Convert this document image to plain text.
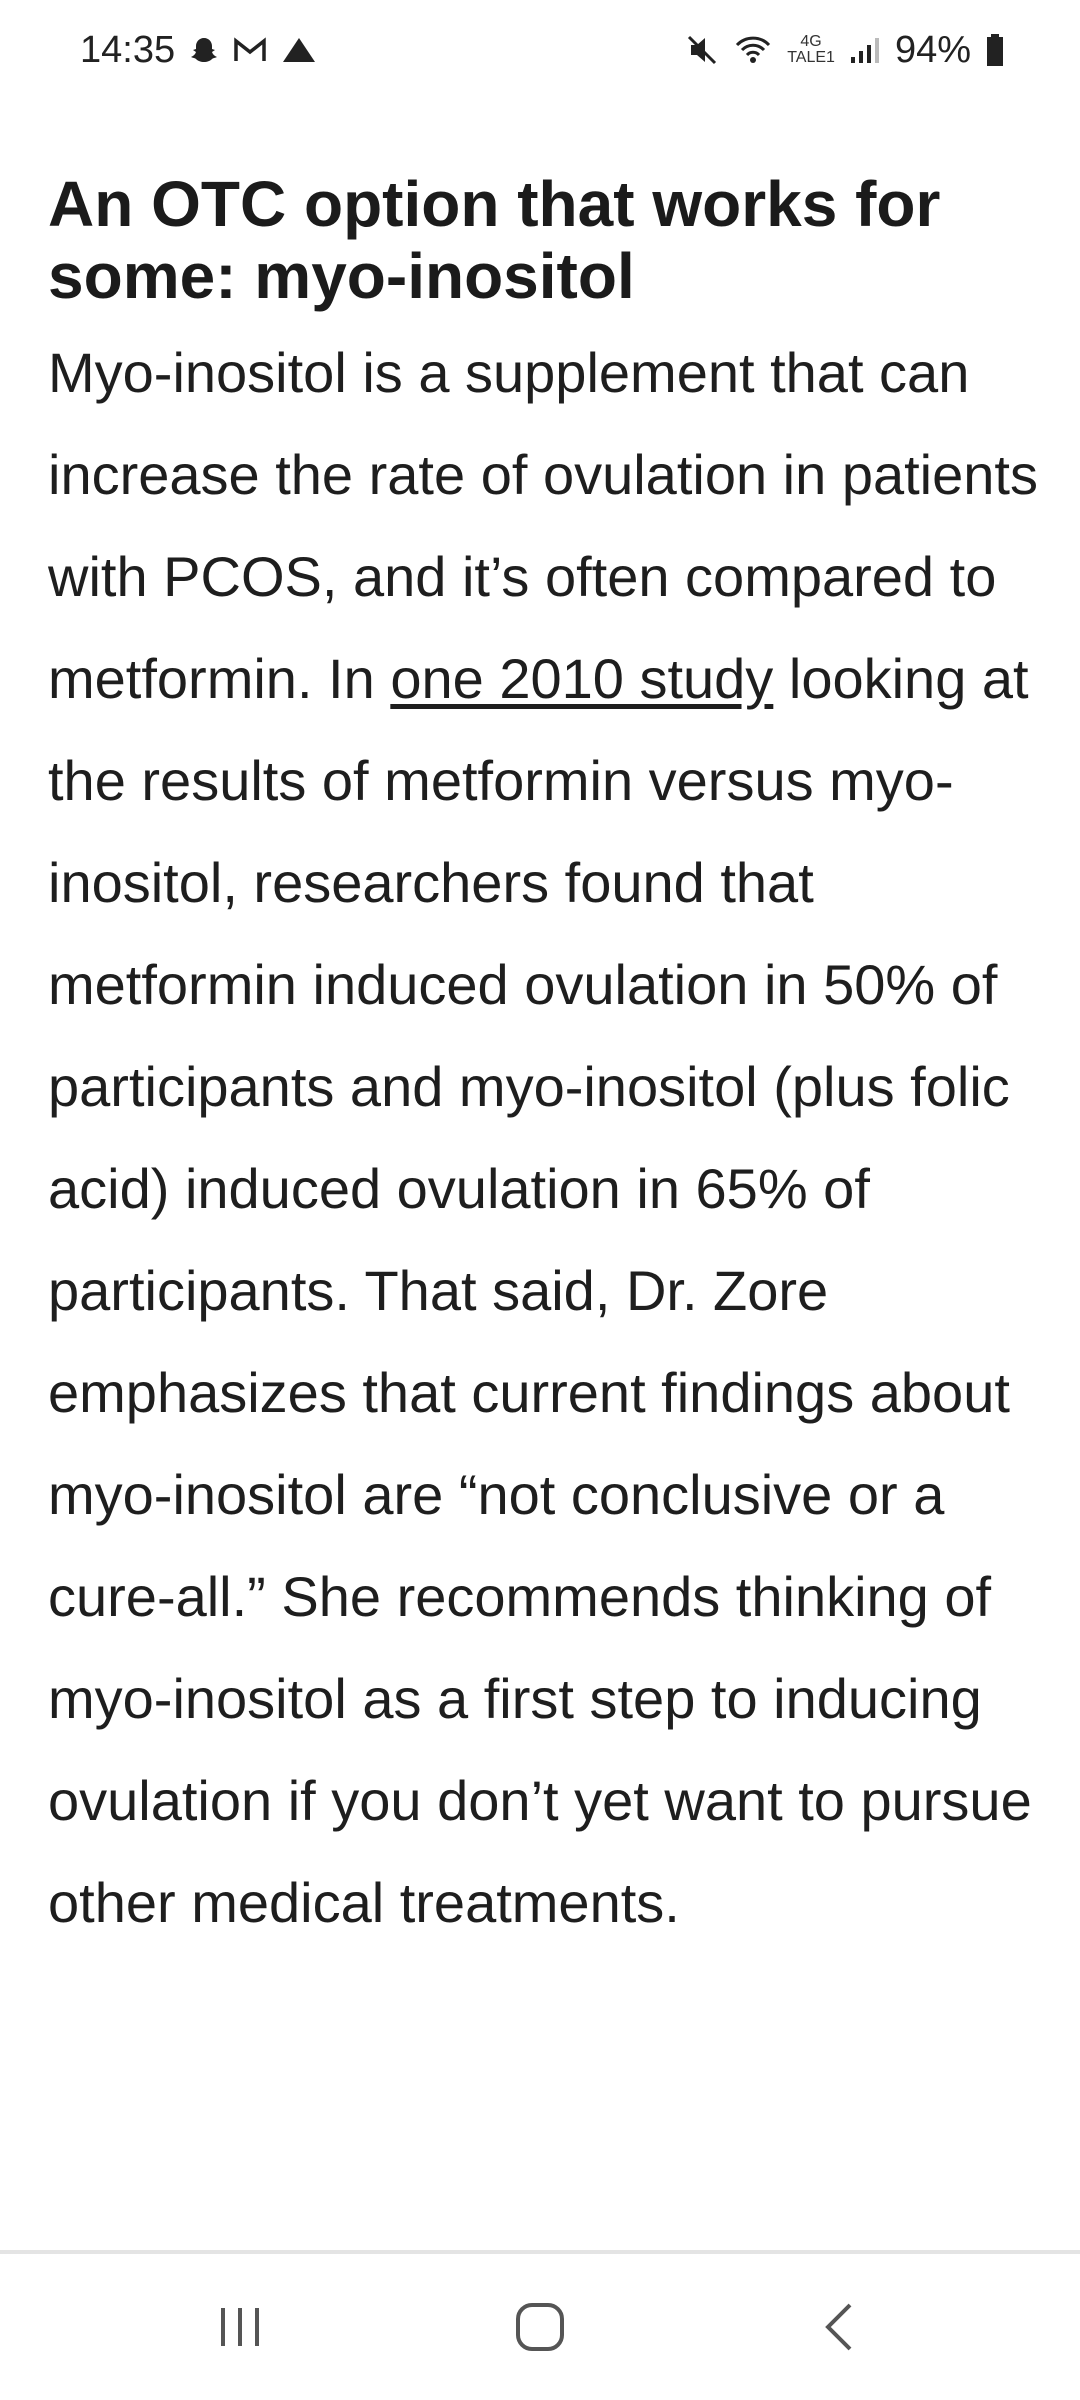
14:35	4G
TALE1 94%
An OTC option that works for some: myo-inositol

Myo-inositol is a supplement that can increase the rate of ovulation in patients with PCOS, and it’s often compared to metformin. In one 2010 study looking at the results of metformin versus myo-inositol, researchers found that metformin induced ovulation in 50% of participants and myo-inositol (plus folic acid) induced ovulation in 65% of participants. That said, Dr. Zore emphasizes that current findings about myo-inositol are “not conclusive or a cure-all.” She recommends thinking of myo-inositol as a first step to inducing ovulation if you don’t yet want to pursue other medical treatments.
